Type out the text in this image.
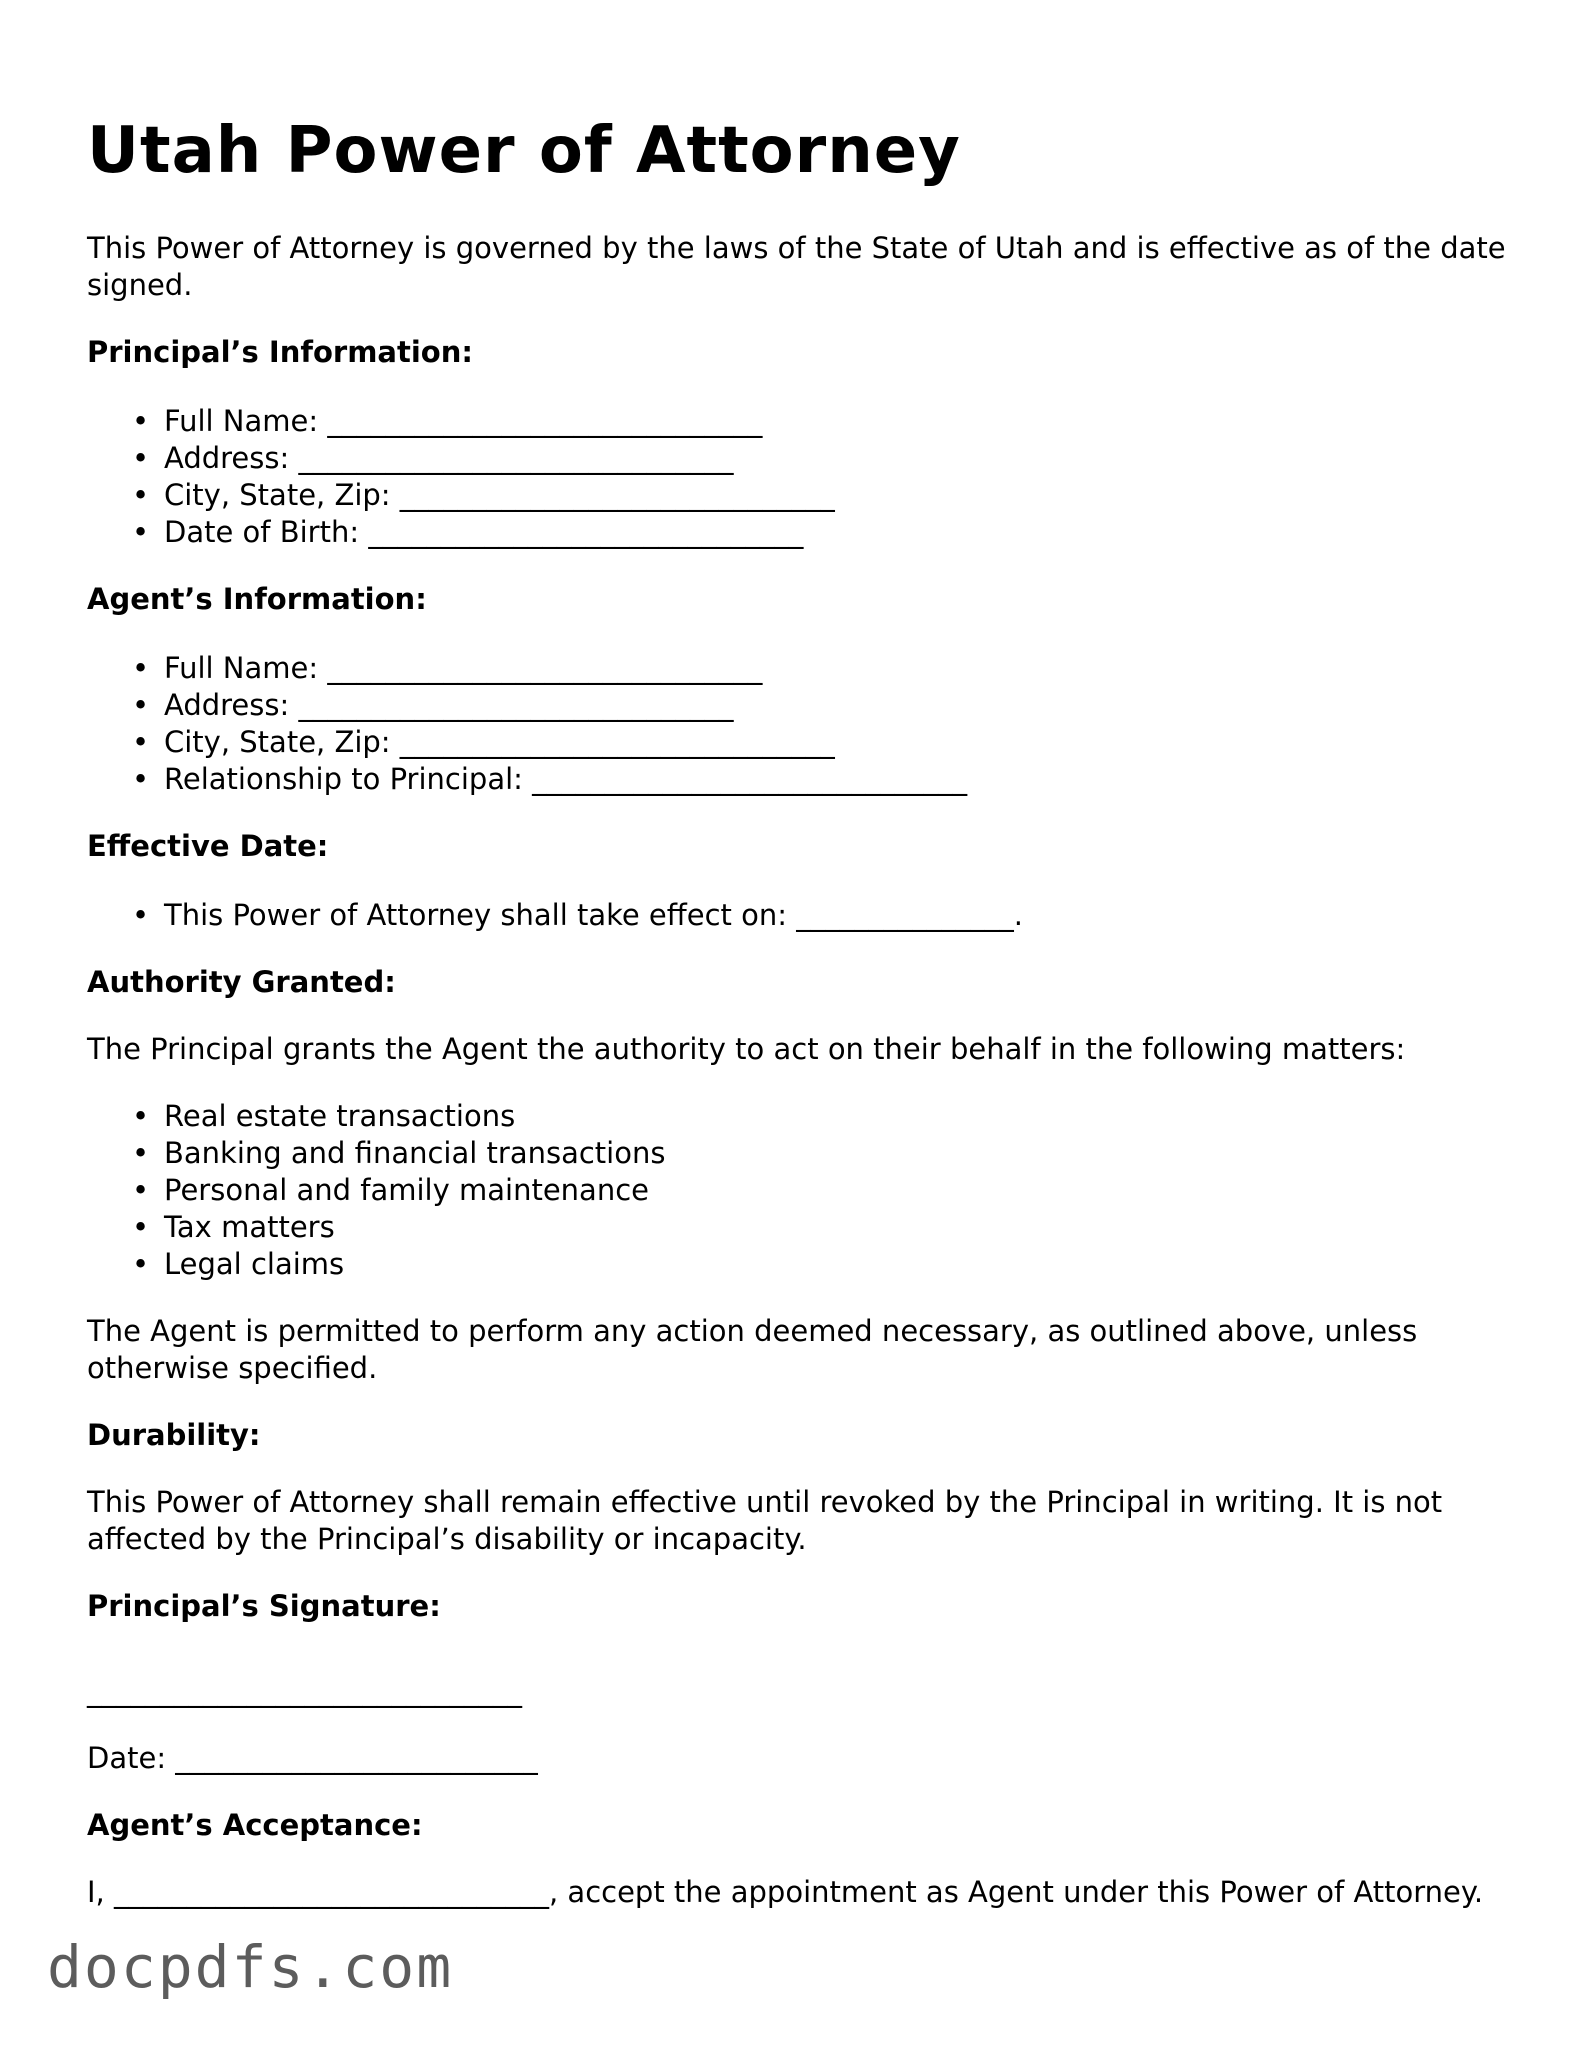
Utah Power of Attorney

This Power of Attorney is governed by the laws of the State of Utah and is effective as of the date signed.

Principal’s Information:
• Full Name: ______________________________
• Address: ______________________________
• City, State, Zip: ______________________________
• Date of Birth: ______________________________
Agent’s Information:
• Full Name: ______________________________
• Address: ______________________________
• City, State, Zip: ______________________________
• Relationship to Principal: ______________________________
Effective Date:
• This Power of Attorney shall take effect on: _______________.
Authority Granted:

The Principal grants the Agent the authority to act on their behalf in the following matters:

• Real estate transactions
• Banking and financial transactions
• Personal and family maintenance
• Tax matters
• Legal claims

The Agent is permitted to perform any action deemed necessary, as outlined above, unless otherwise specified.

Durability:

This Power of Attorney shall remain effective until revoked by the Principal in writing. It is not affected by the Principal’s disability or incapacity.

Principal’s Signature:
______________________________

Date: _________________________

Agent’s Acceptance:

I, ______________________________, accept the appointment as Agent under this Power of Attorney.

docpdfs.com
